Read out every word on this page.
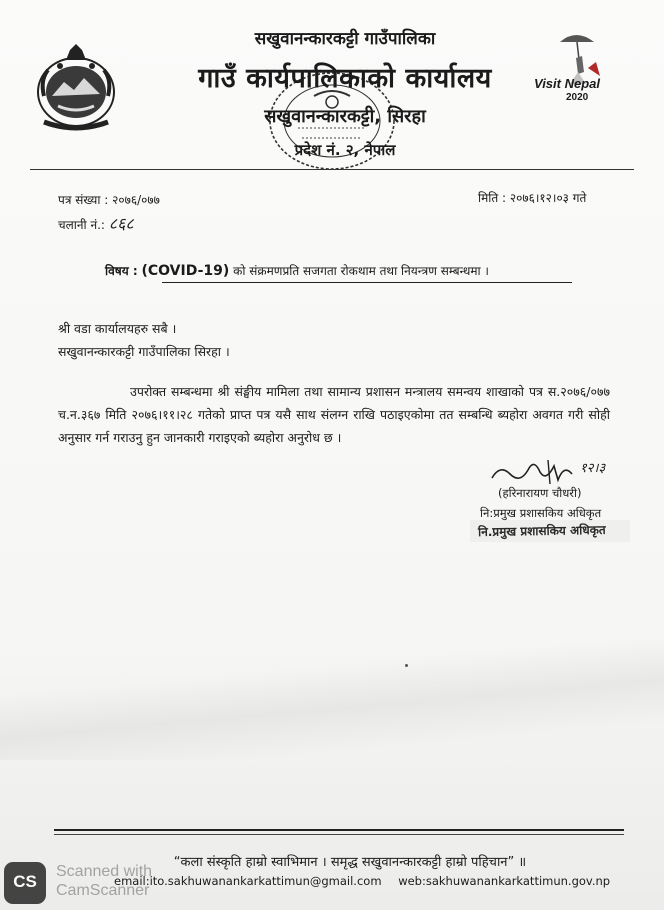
सखुवानन्कारकट्टी गाउँपालिका
गाउँ कार्यपालिकाको कार्यालय
सखुवानन्कारकट्टी, सिरहा
प्रदेश नं. २, नेपाल
Visit Nepal
2020
पत्र संख्या : २०७६/०७७
चलानी नं.: ८६८
मिति : २०७६।१२।०३ गते
विषय : (COVID-19) को संक्रमणप्रति सजगता रोकथाम तथा नियन्त्रण सम्बन्धमा ।
श्री वडा कार्यालयहरु सबै ।
सखुवानन्कारकट्टी गाउँपालिका सिरहा ।
उपरोक्त सम्बन्धमा श्री संङ्घीय मामिला तथा सामान्य प्रशासन मन्त्रालय समन्वय शाखाको पत्र स.२०७६/०७७ च.न.३६७ मिति २०७६।११।२८ गतेको प्राप्त पत्र यसै साथ संलग्न राखि पठाइएकोमा तत सम्बन्धि ब्यहोरा अवगत गरी सोही अनुसार गर्न गराउनु हुन जानकारी गराइएको ब्यहोरा अनुरोध छ ।
१२।३
(हरिनारायण चौधरी)
नि:प्रमुख प्रशासकिय अधिकृत
नि.प्रमुख प्रशासकिय अधिकृत
“कला संस्कृति हाम्रो स्वाभिमान । समृद्ध सखुवानन्कारकट्टी हाम्रो पहिचान” ॥
email:ito.sakhuwanankarkattimun@gmail.com web:sakhuwanankarkattimun.gov.np
CS
Scanned with
CamScanner
